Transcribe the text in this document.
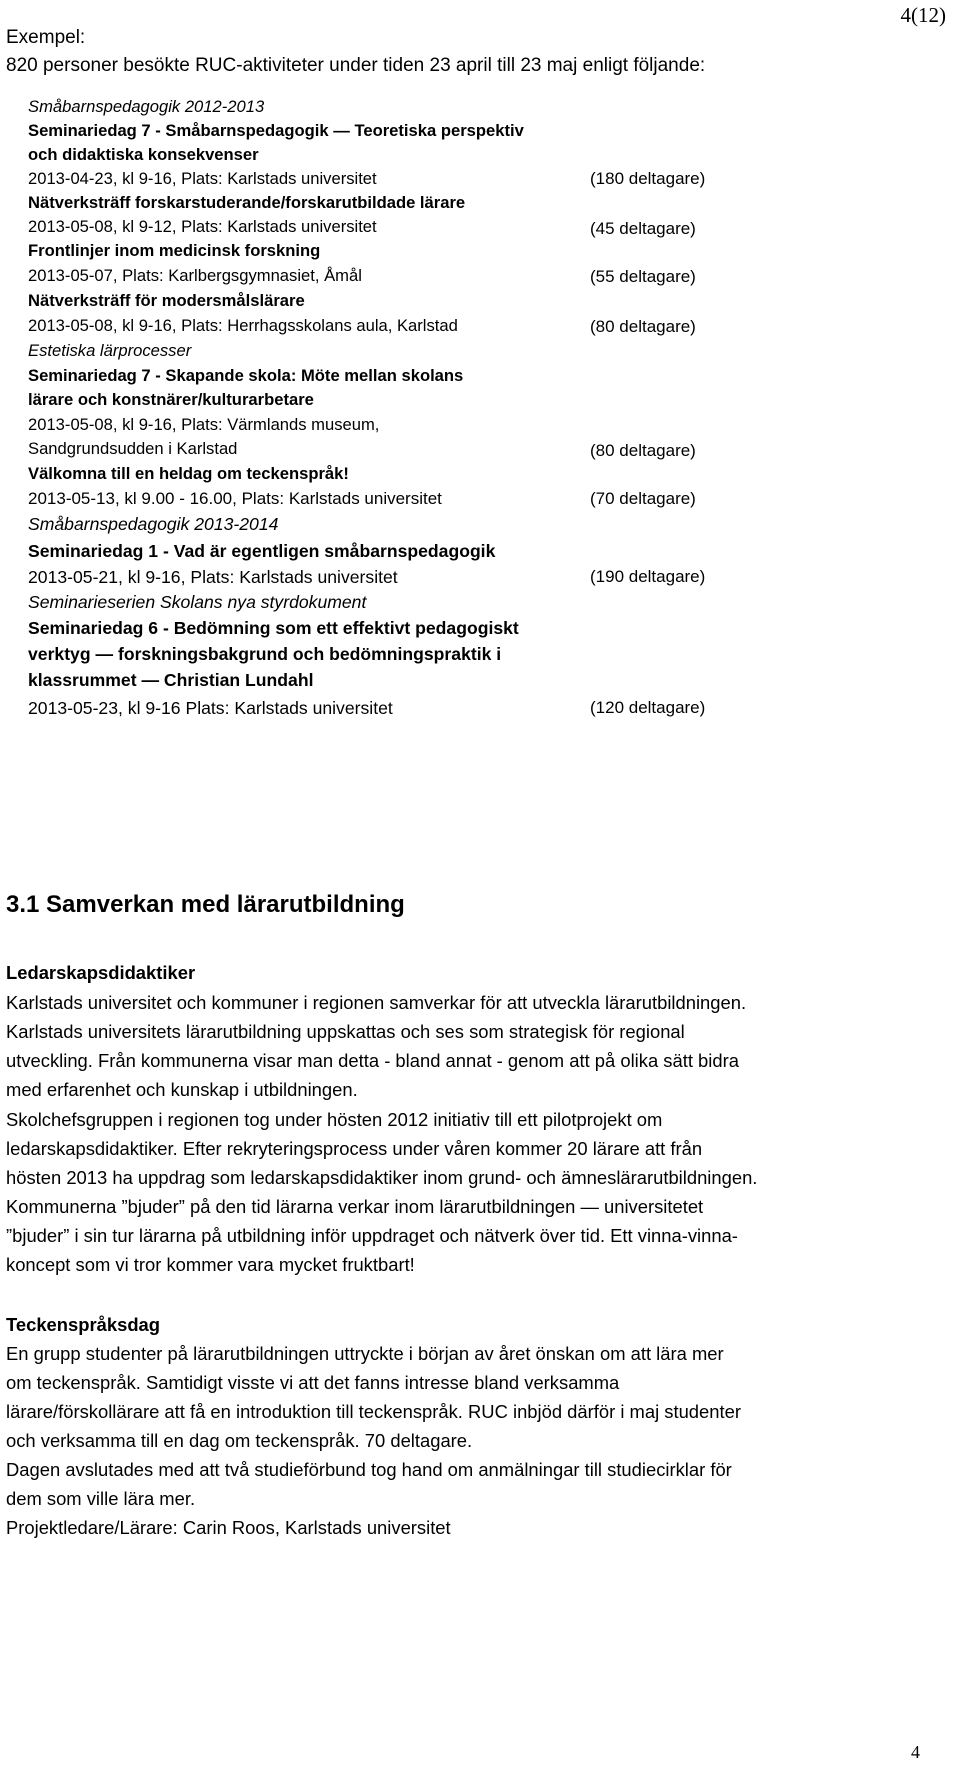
4(12)
Exempel:
820 personer besökte RUC-aktiviteter under tiden 23 april till 23 maj enligt följande:
Småbarnspedagogik 2012-2013
Seminariedag 7 - Småbarnspedagogik — Teoretiska perspektiv
och didaktiska konsekvenser
2013-04-23, kl 9-16, Plats: Karlstads universitet	(180 deltagare)
Nätverksträff forskarstuderande/forskarutbildade lärare
2013-05-08, kl 9-12, Plats: Karlstads universitet	(45 deltagare)
Frontlinjer inom medicinsk forskning
2013-05-07, Plats: Karlbergsgymnasiet, Åmål	(55 deltagare)
Nätverksträff för modersmålslärare
2013-05-08, kl 9-16, Plats: Herrhagsskolans aula, Karlstad	(80 deltagare)
Estetiska lärprocesser
Seminariedag 7 - Skapande skola: Möte mellan skolans
lärare och konstnärer/kulturarbetare
2013-05-08, kl 9-16, Plats: Värmlands museum,
Sandgrundsudden i Karlstad	(80 deltagare)
Välkomna till en heldag om teckenspråk!
2013-05-13, kl 9.00 - 16.00, Plats: Karlstads universitet	(70 deltagare)
Småbarnspedagogik 2013-2014
Seminariedag 1 - Vad är egentligen småbarnspedagogik
2013-05-21, kl 9-16, Plats: Karlstads universitet	(190 deltagare)
Seminarieserien Skolans nya styrdokument
Seminariedag 6 - Bedömning som ett effektivt pedagogiskt
verktyg — forskningsbakgrund och bedömningspraktik i
klassrummet — Christian Lundahl
2013-05-23, kl 9-16 Plats: Karlstads universitet	(120 deltagare)
3.1 Samverkan med lärarutbildning
Ledarskapsdidaktiker
Karlstads universitet och kommuner i regionen samverkar för att utveckla lärarutbildningen.
Karlstads universitets lärarutbildning uppskattas och ses som strategisk för regional
utveckling. Från kommunerna visar man detta - bland annat - genom att på olika sätt bidra
med erfarenhet och kunskap i utbildningen.
Skolchefsgruppen i regionen tog under hösten 2012 initiativ till ett pilotprojekt om
ledarskapsdidaktiker. Efter rekryteringsprocess under våren kommer 20 lärare att från
hösten 2013 ha uppdrag som ledarskapsdidaktiker inom grund- och ämneslärarutbildningen.
Kommunerna ”bjuder” på den tid lärarna verkar inom lärarutbildningen — universitetet
”bjuder” i sin tur lärarna på utbildning inför uppdraget och nätverk över tid. Ett vinna-vinna-
koncept som vi tror kommer vara mycket fruktbart!
Teckenspråksdag
En grupp studenter på lärarutbildningen uttryckte i början av året önskan om att lära mer
om teckenspråk. Samtidigt visste vi att det fanns intresse bland verksamma
lärare/förskollärare att få en introduktion till teckenspråk. RUC inbjöd därför i maj studenter
och verksamma till en dag om teckenspråk. 70 deltagare.
Dagen avslutades med att två studieförbund tog hand om anmälningar till studiecirklar för
dem som ville lära mer.
Projektledare/Lärare: Carin Roos, Karlstads universitet
4
